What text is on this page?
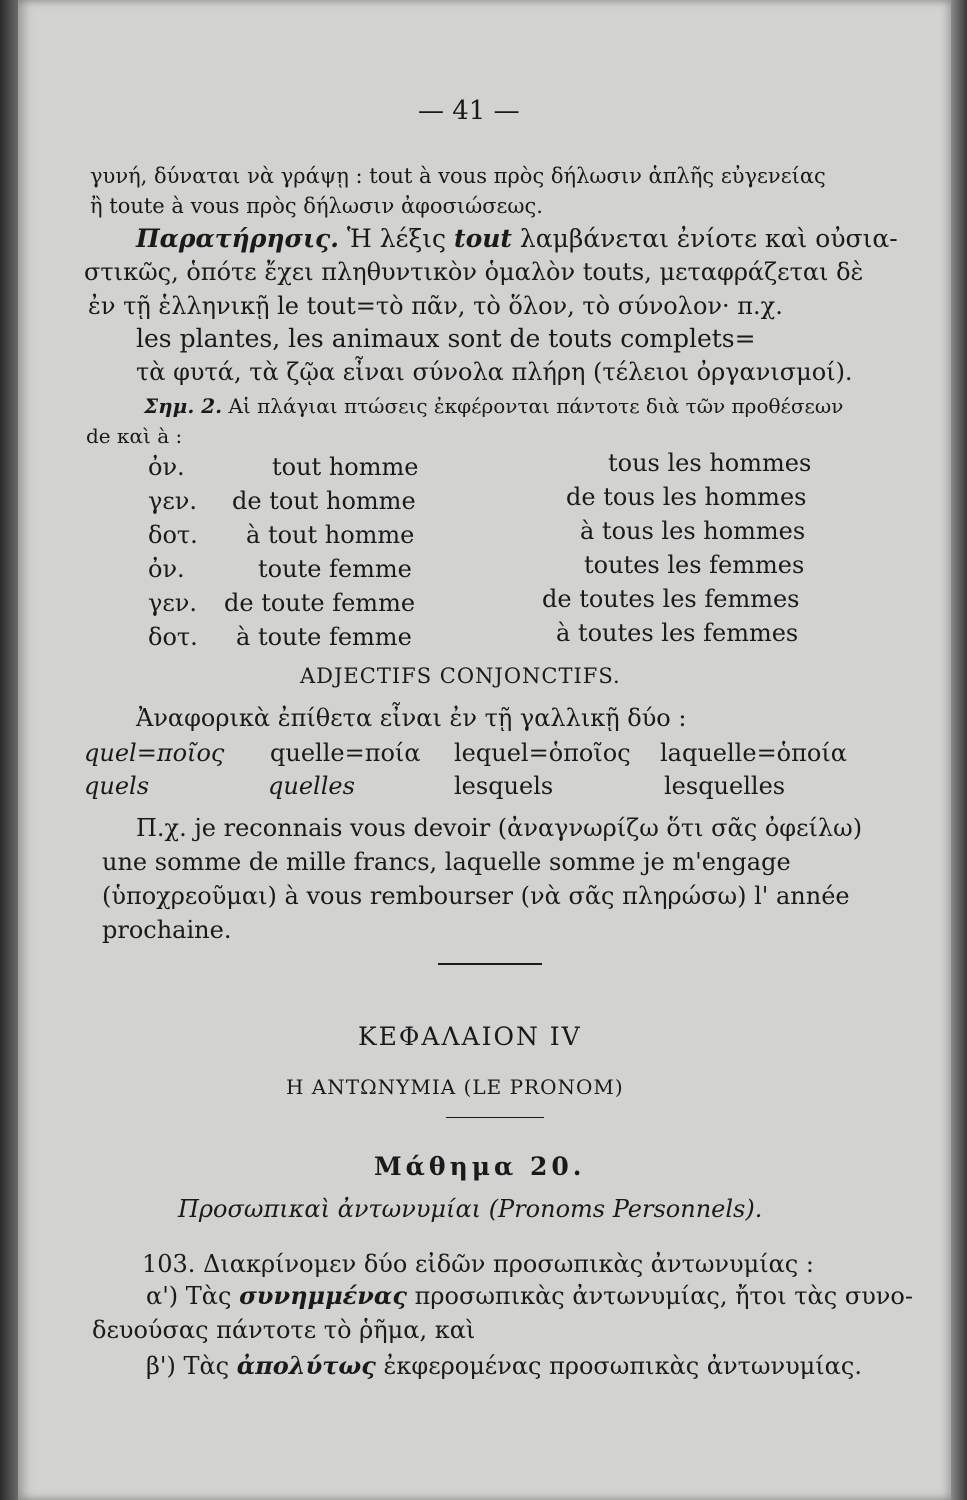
— 41 —
γυνή, δύναται νὰ γράψῃ : tout à vous πρὸς δήλωσιν ἁπλῆς εὐγενείας
ἢ toute à vous πρὸς δήλωσιν ἀφοσιώσεως.
Παρατήρησις. Ἡ λέξις tout λαμβάνεται ἐνίοτε καὶ οὐσια-
στικῶς, ὁπότε ἔχει πληθυντικὸν ὁμαλὸν touts, μεταφράζεται δὲ
ἐν τῇ ἑλληνικῇ le tout=τὸ πᾶν, τὸ ὅλον, τὸ σύνολον· π.χ.
les plantes, les animaux sont de touts complets=
τὰ φυτά, τὰ ζῷα εἶναι σύνολα πλήρη (τέλειοι ὀργανισμοί).
Σημ. 2. Αἱ πλάγιαι πτώσεις ἐκφέρονται πάντοτε διὰ τῶν προθέσεων
de καὶ à :
ὀν.	tout homme	tous les hommes
γεν. de tout homme	de tous les hommes
δοτ. à tout homme	à tous les hommes
ὀν.	toute femme	toutes les femmes
γεν. de toute femme	de toutes les femmes
δοτ. à toute femme	à toutes les femmes
ADJECTIFS CONJONCTIFS.
Ἀναφορικὰ ἐπίθετα εἶναι ἐν τῇ γαλλικῇ δύο :
quel=ποῖος quelle=ποία lequel=ὁποῖος laquelle=ὁποία
quels	quelles	lesquels	lesquelles
Π.χ. je reconnais vous devoir (ἀναγνωρίζω ὅτι σᾶς ὀφείλω)
une somme de mille francs, laquelle somme je m'engage
(ὑποχρεοῦμαι) à vous rembourser (νὰ σᾶς πληρώσω) l' année
prochaine.
ΚΕΦΑΛΑΙΟΝ IV
Η ΑΝΤΩΝΥΜΙΑ (LE PRONOM)
Μάθημα 20.
Προσωπικαὶ ἀντωνυμίαι (Pronoms Personnels).
103. Διακρίνομεν δύο εἰδῶν προσωπικὰς ἀντωνυμίας :
α') Τὰς συνημμένας προσωπικὰς ἀντωνυμίας, ἤτοι τὰς συνο-
δευούσας πάντοτε τὸ ῥῆμα, καὶ
β') Τὰς ἀπολύτως ἐκφερομένας προσωπικὰς ἀντωνυμίας.
